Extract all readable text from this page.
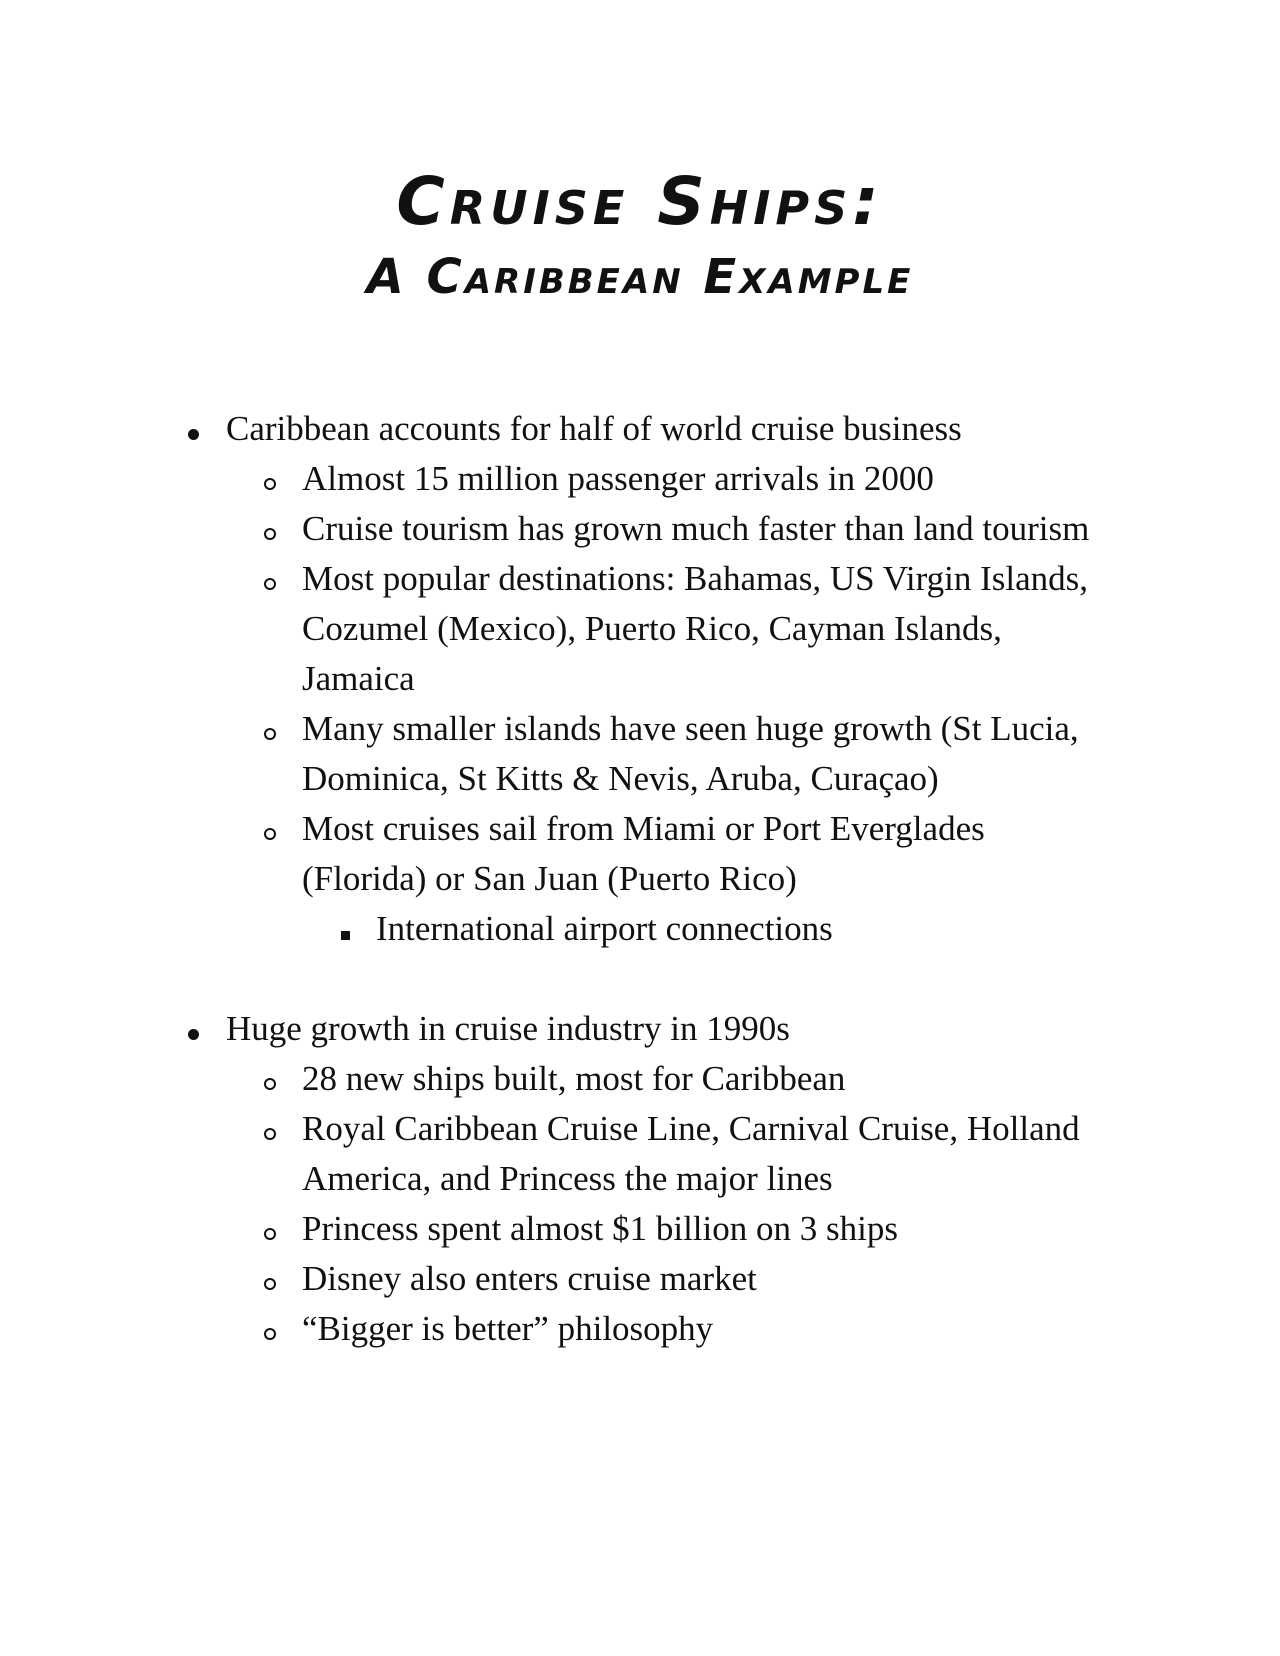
Cruise Ships:
A Caribbean Example
Caribbean accounts for half of world cruise business
Almost 15 million passenger arrivals in 2000
Cruise tourism has grown much faster than land tourism
Most popular destinations: Bahamas, US Virgin Islands, Cozumel (Mexico), Puerto Rico, Cayman Islands, Jamaica
Many smaller islands have seen huge growth (St Lucia, Dominica, St Kitts & Nevis, Aruba, Curaçao)
Most cruises sail from Miami or Port Everglades (Florida) or San Juan (Puerto Rico)
International airport connections
Huge growth in cruise industry in 1990s
28 new ships built, most for Caribbean
Royal Caribbean Cruise Line, Carnival Cruise, Holland America, and Princess the major lines
Princess spent almost $1 billion on 3 ships
Disney also enters cruise market
“Bigger is better” philosophy
